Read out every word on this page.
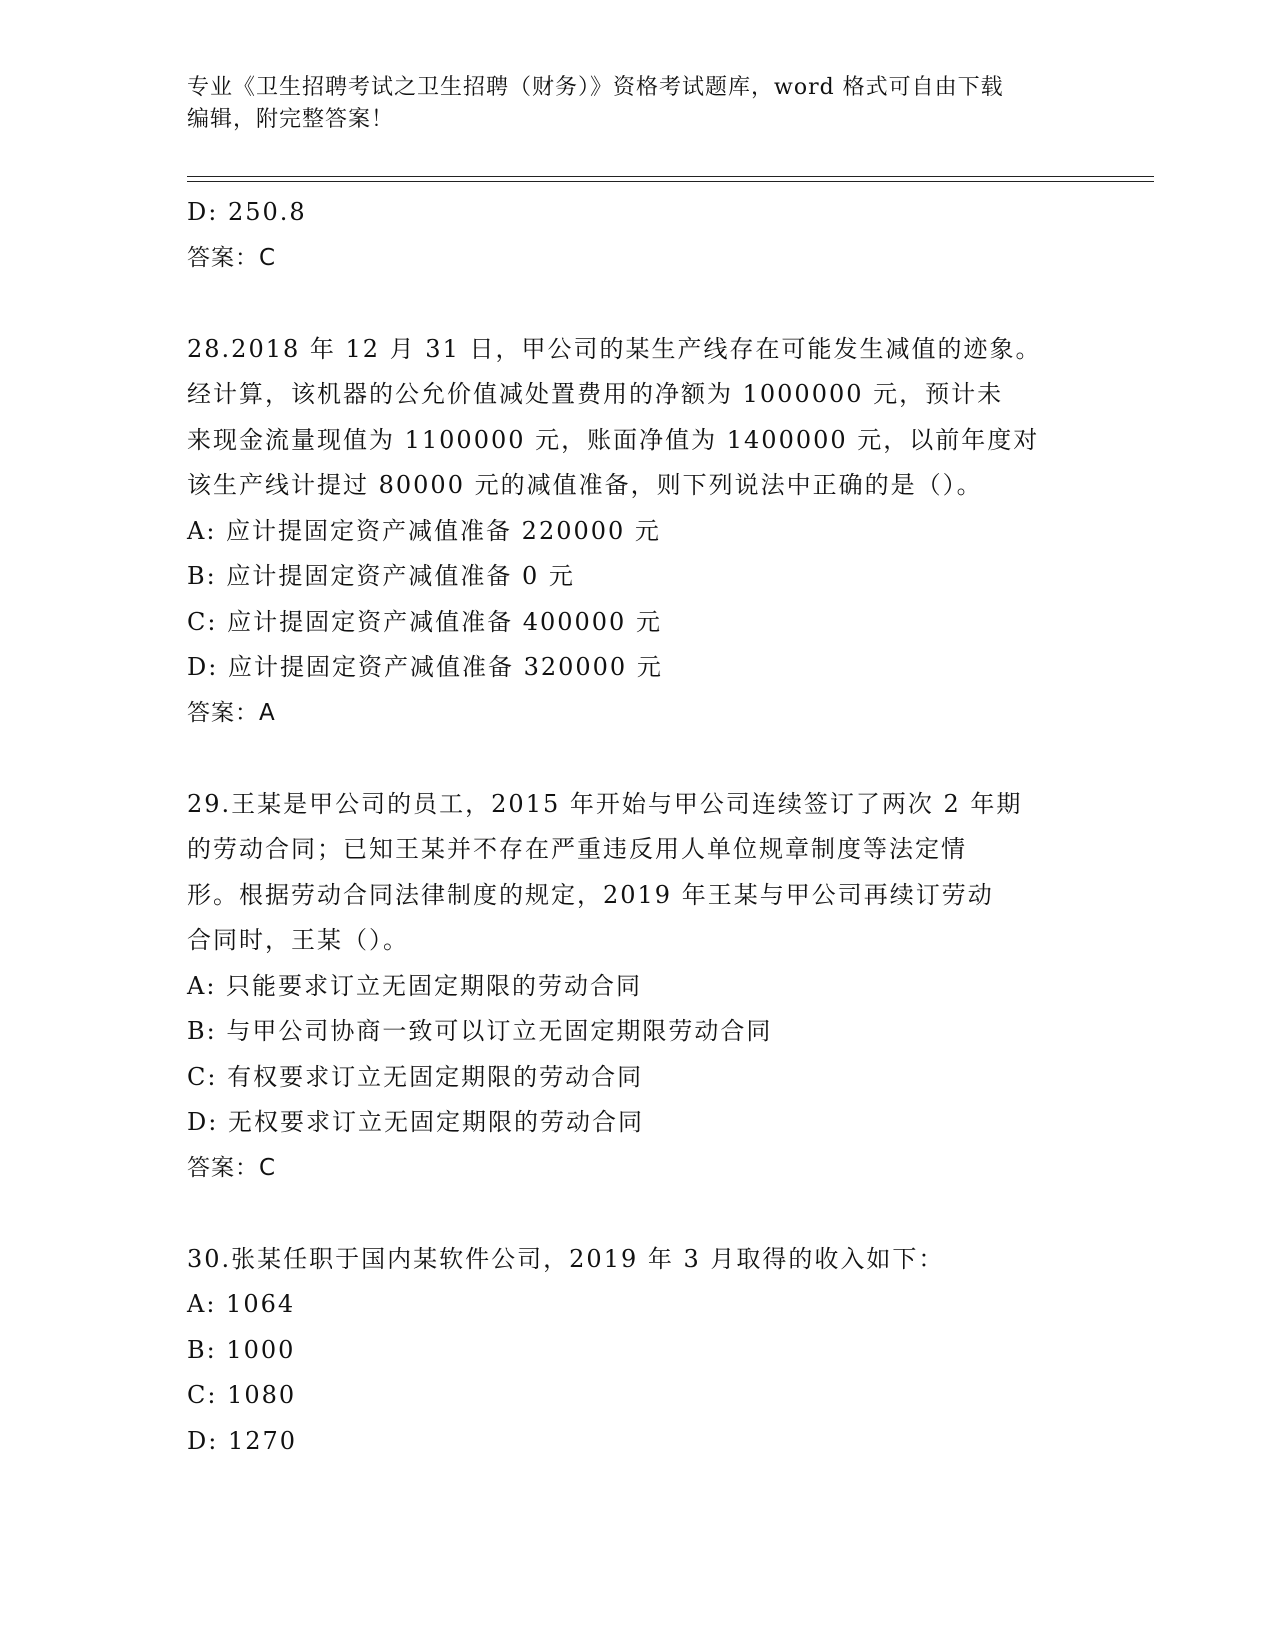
专业《卫生招聘考试之卫生招聘（财务）》资格考试题库，word 格式可自由下载
编辑，附完整答案！
D: 250.8
答案：C
28.2018 年 12 月 31 日，甲公司的某生产线存在可能发生减值的迹象。
经计算，该机器的公允价值减处置费用的净额为 1000000 元，预计未
来现金流量现值为 1100000 元，账面净值为 1400000 元，以前年度对
该生产线计提过 80000 元的减值准备，则下列说法中正确的是（）。
A: 应计提固定资产减值准备 220000 元
B: 应计提固定资产减值准备 0 元
C: 应计提固定资产减值准备 400000 元
D: 应计提固定资产减值准备 320000 元
答案：A
29.王某是甲公司的员工，2015 年开始与甲公司连续签订了两次 2 年期
的劳动合同；已知王某并不存在严重违反用人单位规章制度等法定情
形。根据劳动合同法律制度的规定，2019 年王某与甲公司再续订劳动
合同时，王某（）。
A: 只能要求订立无固定期限的劳动合同
B: 与甲公司协商一致可以订立无固定期限劳动合同
C: 有权要求订立无固定期限的劳动合同
D: 无权要求订立无固定期限的劳动合同
答案：C
30.张某任职于国内某软件公司，2019 年 3 月取得的收入如下：
A: 1064
B: 1000
C: 1080
D: 1270
